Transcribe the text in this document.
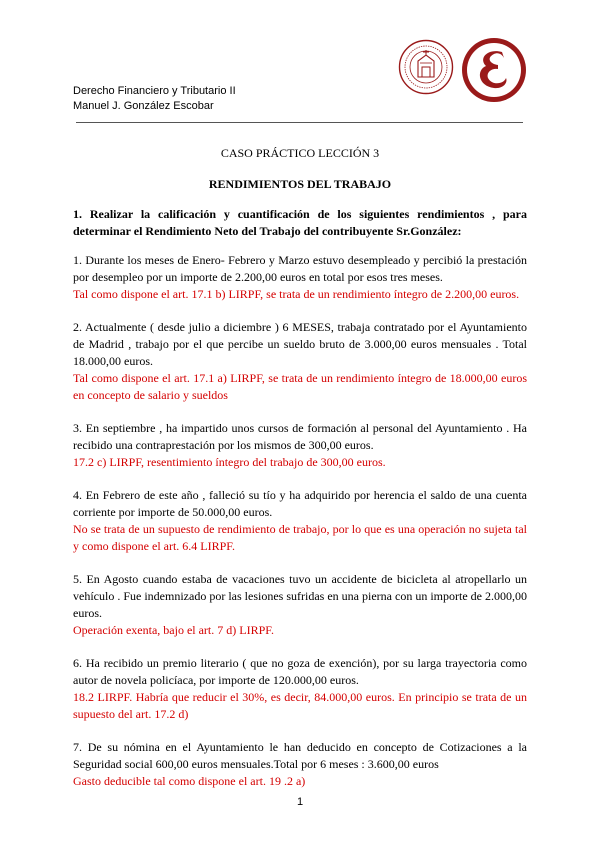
Derecho Financiero y Tributario II
Manuel J. González Escobar
CASO PRÁCTICO LECCIÓN 3
RENDIMIENTOS DEL TRABAJO

1. Realizar la calificación y cuantificación de los siguientes rendimientos , para determinar el Rendimiento Neto del Trabajo del contribuyente Sr.González:

1. Durante los meses de Enero- Febrero y Marzo estuvo desempleado y percibió la prestación por desempleo por un importe de 2.200,00 euros en total por esos tres meses.

Tal como dispone el art. 17.1 b) LIRPF, se trata de un rendimiento íntegro de 2.200,00 euros.

2. Actualmente ( desde julio a diciembre ) 6 MESES, trabaja contratado por el Ayuntamiento de Madrid , trabajo por el que percibe un sueldo bruto de 3.000,00 euros mensuales . Total 18.000,00 euros.

Tal como dispone el art. 17.1 a) LIRPF, se trata de un rendimiento íntegro de 18.000,00 euros en concepto de salario y sueldos

3. En septiembre , ha impartido unos cursos de formación al personal del Ayuntamiento . Ha recibido una contraprestación por los mismos de 300,00 euros.

17.2 c) LIRPF, resentimiento íntegro del trabajo de 300,00 euros.

4. En Febrero de este año , falleció su tío y ha adquirido por herencia el saldo de una cuenta corriente por importe de 50.000,00 euros.

No se trata de un supuesto de rendimiento de trabajo, por lo que es una operación no sujeta tal y como dispone el art. 6.4 LIRPF.

5. En Agosto cuando estaba de vacaciones tuvo un accidente de bicicleta al atropellarlo un vehículo . Fue indemnizado por las lesiones sufridas en una pierna con un importe de 2.000,00 euros.

Operación exenta, bajo el art. 7 d) LIRPF.

6. Ha recibido un premio literario ( que no goza de exención), por su larga trayectoria como autor de novela policíaca, por importe de 120.000,00 euros.

18.2 LIRPF. Habría que reducir el 30%, es decir, 84.000,00 euros. En principio se trata de un supuesto del art. 17.2 d)

7. De su nómina en el Ayuntamiento le han deducido en concepto de Cotizaciones a la Seguridad social 600,00 euros mensuales.Total por 6 meses : 3.600,00 euros

Gasto deducible tal como dispone el art. 19 .2 a)

1
